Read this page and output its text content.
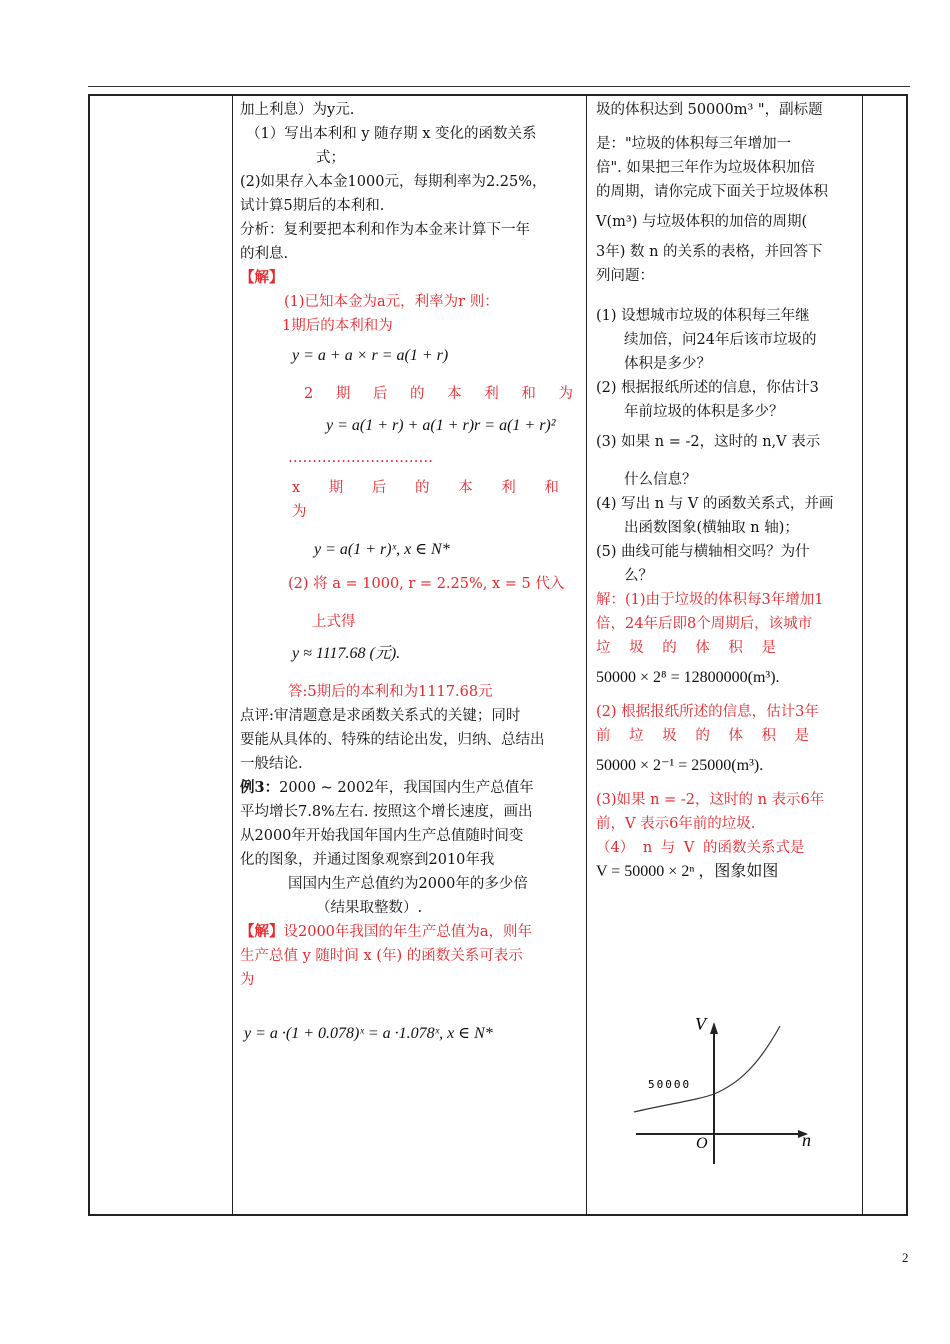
加上利息）为y元.

（1）写出本利和 y 随存期 x 变化的函数关系

式；

(2)如果存入本金1000元，每期利率为2.25%，

试计算5期后的本利和.

分析：复利要把本利和作为本金来计算下一年

的利息.

【解】

(1)已知本金为a元，利率为r 则：

1期后的本利和为

y = a + a × r = a(1 + r)

2 期 后 的 本 利 和 为

y = a(1 + r) + a(1 + r)r = a(1 + r)²

…………………………

x 期 后 的 本 利 和 为

y = a(1 + r)ˣ, x ∈ N*

(2) 将 a = 1000, r = 2.25%, x = 5 代入

上式得

y ≈ 1117.68 (元).

答:5期后的本利和为1117.68元

点评:审清题意是求函数关系式的关键；同时

要能从具体的、特殊的结论出发，归纳、总结出

一般结论.

例3：2000 ~ 2002年，我国国内生产总值年

平均增长7.8%左右. 按照这个增长速度，画出

从2000年开始我国年国内生产总值随时间变

化的图象，并通过图象观察到2010年我

国国内生产总值约为2000年的多少倍

（结果取整数）.

【解】设2000年我国的年生产总值为a，则年

生产总值 y 随时间 x (年) 的函数关系可表示

为

y = a ·(1 + 0.078)ˣ = a ·1.078ˣ, x ∈ N*

圾的体积达到 50000m³ "，副标题

是："垃圾的体积每三年增加一

倍". 如果把三年作为垃圾体积加倍

的周期，请你完成下面关于垃圾体积

V(m³) 与垃圾体积的加倍的周期(

3年) 数 n 的关系的表格，并回答下

列问题：

(1) 设想城市垃圾的体积每三年继

续加倍，问24年后该市垃圾的

体积是多少？

(2) 根据报纸所述的信息，你估计3

年前垃圾的体积是多少？

(3) 如果 n = -2，这时的 n,V 表示

什么信息？

(4) 写出 n 与 V 的函数关系式，并画

出函数图象(横轴取 n 轴)；

(5) 曲线可能与横轴相交吗？为什

么？

解：(1)由于垃圾的体积每3年增加1

倍，24年后即8个周期后，该城市

垃 圾 的 体 积 是

50000 × 2⁸ = 12800000(m³).

(2) 根据报纸所述的信息，估计3年

前 垃 圾 的 体 积 是

50000 × 2⁻¹ = 25000(m³).

(3)如果 n = -2，这时的 n 表示6年

前，V 表示6年前的垃圾.

（4） n 与 V 的函数关系式是

V = 50000 × 2ⁿ ，图象如图

V
n
O
50000
2
